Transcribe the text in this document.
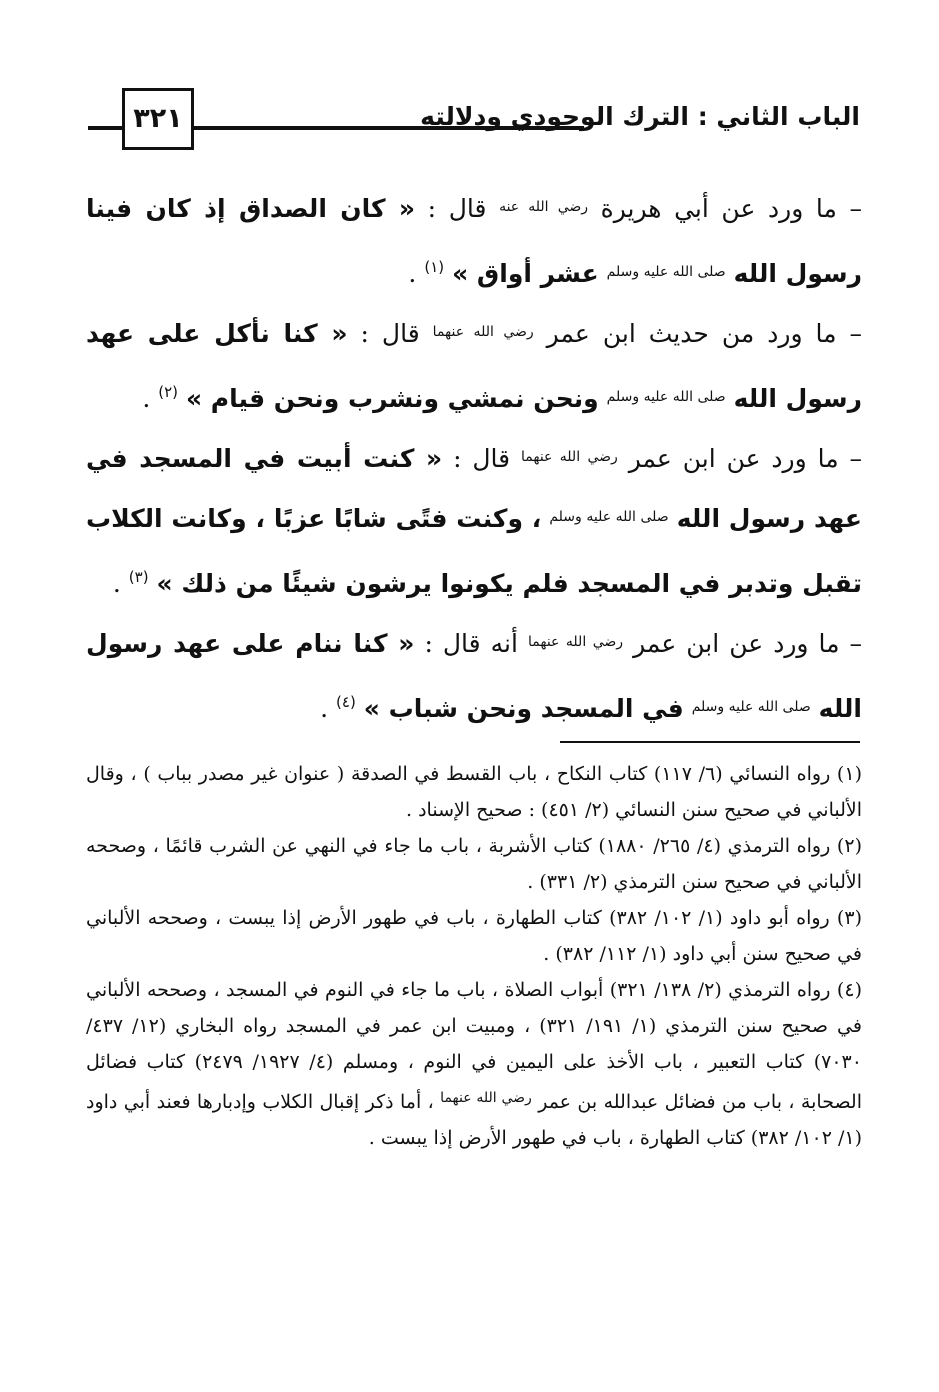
٣٢١	الباب الثاني : الترك الوجودي ودلالته

– ما ورد عن أبي هريرة $^{رضي الله عنه}$ قال : « كان الصداق إذ كان فينا رسول الله $^{صلى الله عليه وسلم}$ عشر أواق » $^{(١)}$ .

– ما ورد من حديث ابن عمر $^{رضي الله عنهما}$ قال : « كنا نأكل على عهد رسول الله $^{صلى الله عليه وسلم}$ ونحن نمشي ونشرب ونحن قيام » $^{(٢)}$ .

– ما ورد عن ابن عمر $^{رضي الله عنهما}$ قال : « كنت أبيت في المسجد في عهد رسول الله $^{صلى الله عليه وسلم}$ ، وكنت فتًى شابًا عزبًا ، وكانت الكلاب تقبل وتدبر في المسجد فلم يكونوا يرشون شيئًا من ذلك » $^{(٣)}$ .

– ما ورد عن ابن عمر $^{رضي الله عنهما}$ أنه قال : « كنا ننام على عهد رسول الله $^{صلى الله عليه وسلم}$ في المسجد ونحن شباب » $^{(٤)}$ .

(١) رواه النسائي (٦/ ١١٧) كتاب النكاح ، باب القسط في الصدقة ( عنوان غير مصدر بباب ) ، وقال الألباني في صحيح سنن النسائي (٢/ ٤٥١) : صحيح الإسناد .

(٢) رواه الترمذي (٤/ ٢٦٥/ ١٨٨٠) كتاب الأشربة ، باب ما جاء في النهي عن الشرب قائمًا ، وصححه الألباني في صحيح سنن الترمذي (٢/ ٣٣١) .

(٣) رواه أبو داود (١/ ١٠٢/ ٣٨٢) كتاب الطهارة ، باب في طهور الأرض إذا يبست ، وصححه الألباني في صحيح سنن أبي داود (١/ ١١٢/ ٣٨٢) .

(٤) رواه الترمذي (٢/ ١٣٨/ ٣٢١) أبواب الصلاة ، باب ما جاء في النوم في المسجد ، وصححه الألباني في صحيح سنن الترمذي (١/ ١٩١/ ٣٢١) ، ومبيت ابن عمر في المسجد رواه البخاري (١٢/ ٤٣٧/ ٧٠٣٠) كتاب التعبير ، باب الأخذ على اليمين في النوم ، ومسلم (٤/ ١٩٢٧/ ٢٤٧٩) كتاب فضائل الصحابة ، باب من فضائل عبدالله بن عمر $^{رضي الله عنهما}$ ، أما ذكر إقبال الكلاب وإدبارها فعند أبي داود (١/ ١٠٢/ ٣٨٢) كتاب الطهارة ، باب في طهور الأرض إذا يبست .
